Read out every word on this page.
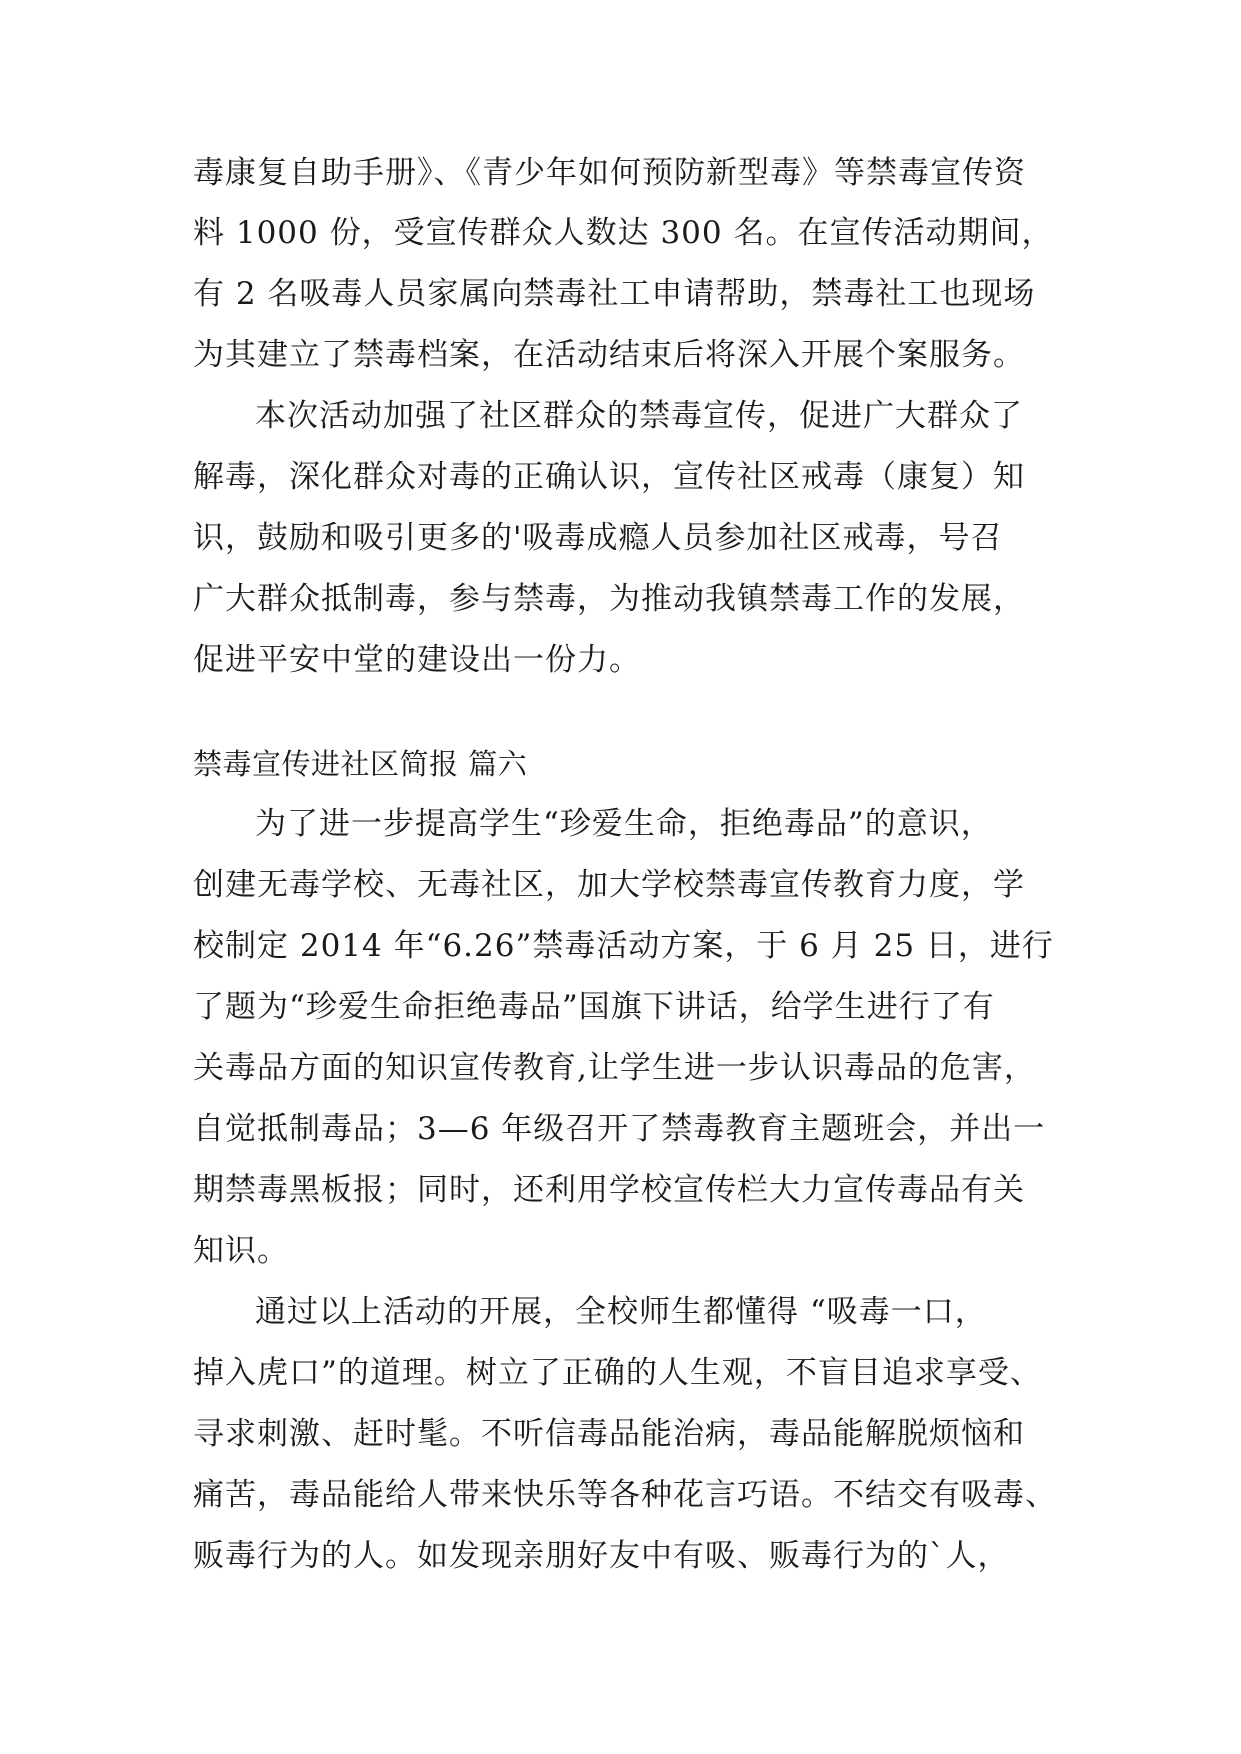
毒康复自助手册》、《青少年如何预防新型毒》等禁毒宣传资
料 1000 份，受宣传群众人数达 300 名。在宣传活动期间，
有 2 名吸毒人员家属向禁毒社工申请帮助，禁毒社工也现场
为其建立了禁毒档案，在活动结束后将深入开展个案服务。
本次活动加强了社区群众的禁毒宣传，促进广大群众了
解毒，深化群众对毒的正确认识，宣传社区戒毒（康复）知
识，鼓励和吸引更多的'吸毒成瘾人员参加社区戒毒，号召
广大群众抵制毒，参与禁毒，为推动我镇禁毒工作的发展，
促进平安中堂的建设出一份力。
禁毒宣传进社区简报 篇六
为了进一步提高学生“珍爱生命，拒绝毒品”的意识，
创建无毒学校、无毒社区，加大学校禁毒宣传教育力度，学
校制定 2014 年“6.26”禁毒活动方案，于 6 月 25 日，进行
了题为“珍爱生命拒绝毒品”国旗下讲话，给学生进行了有
关毒品方面的知识宣传教育,让学生进一步认识毒品的危害，
自觉抵制毒品；3—6 年级召开了禁毒教育主题班会，并出一
期禁毒黑板报；同时，还利用学校宣传栏大力宣传毒品有关
知识。
通过以上活动的开展，全校师生都懂得 “吸毒一口，
掉入虎口”的道理。树立了正确的人生观，不盲目追求享受、
寻求刺激、赶时髦。不听信毒品能治病，毒品能解脱烦恼和
痛苦，毒品能给人带来快乐等各种花言巧语。不结交有吸毒、
贩毒行为的人。如发现亲朋好友中有吸、贩毒行为的`人，
